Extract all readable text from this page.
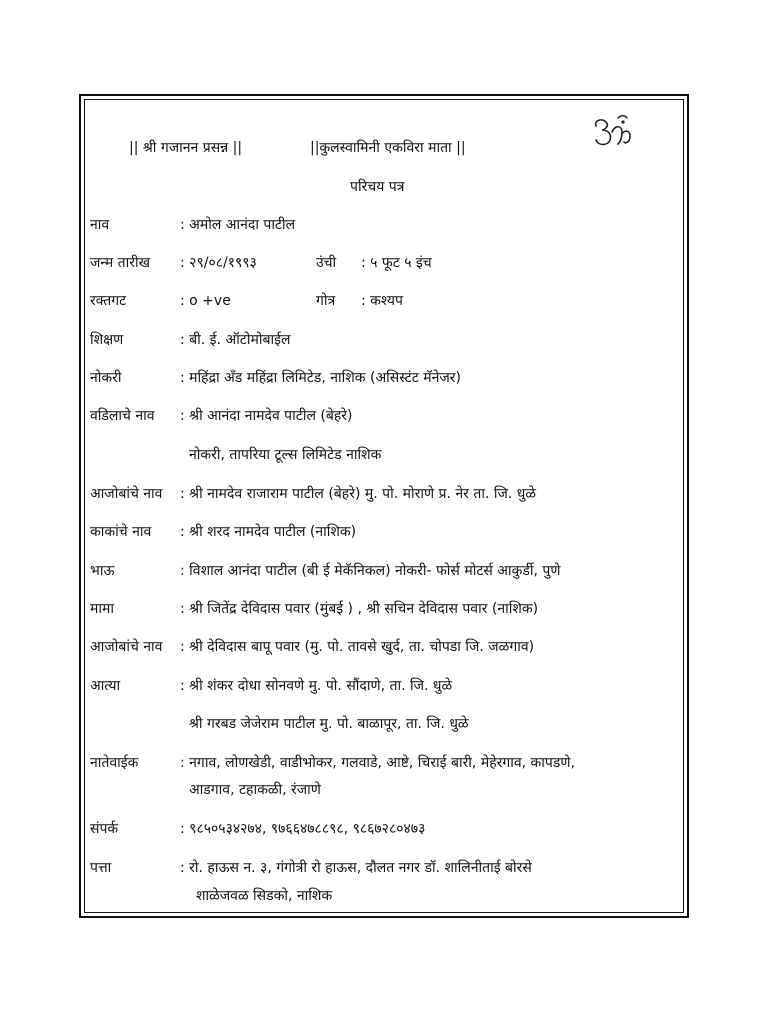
|| श्री गजानन प्रसन्न ||	||कुलस्वामिनी एकविरा माता ||
परिचय पत्र
नाव	: अमोल आनंदा पाटील
जन्म तारीख : २९/०८/१९९३	उंची : ५ फूट ५ इंच
रक्तगट	: o +ve	गोत्र : कश्यप
शिक्षण	: बी. ई. ऑटोमोबाईल
नोकरी	: महिंद्रा अँड महिंद्रा लिमिटेड, नाशिक (असिस्टंट मॅनेजर)
वडिलाचे नाव : श्री आनंदा नामदेव पाटील (बेहरे)
नोकरी, तापरिया टूल्स लिमिटेड नाशिक
आजोबांचे नाव : श्री नामदेव राजाराम पाटील (बेहरे) मु. पो. मोराणे प्र. नेर ता. जि. धुळे
काकांचे नाव : श्री शरद नामदेव पाटील (नाशिक)
भाऊ	: विशाल आनंदा पाटील (बी ई मेकॅनिकल) नोकरी- फोर्स मोटर्स आकुर्डी, पुणे
मामा	: श्री जितेंद्र देविदास पवार (मुंबई ) , श्री सचिन देविदास पवार (नाशिक)
आजोबांचे नाव : श्री देविदास बापू पवार (मु. पो. तावसे खुर्द, ता. चोपडा जि. जळगाव)
आत्या	: श्री शंकर दोधा सोनवणे मु. पो. सौंदाणे, ता. जि. धुळे
श्री गरबड जेजेराम पाटील मु. पो. बाळापूर, ता. जि. धुळे
नातेवाईक	: नगाव, लोणखेडी, वाडीभोकर, गलवाडे, आष्टे, चिराई बारी, मेहेरगाव, कापडणे,
आडगाव, टहाकळी, रंजाणे
संपर्क	: ९८५०५३४२७४, ९७६६४७८८९८, ९८६७२८०४७३
पत्ता	: रो. हाऊस न. ३, गंगोत्री रो हाऊस, दौलत नगर डॉ. शालिनीताई बोरसे
शाळेजवळ सिडको, नाशिक
